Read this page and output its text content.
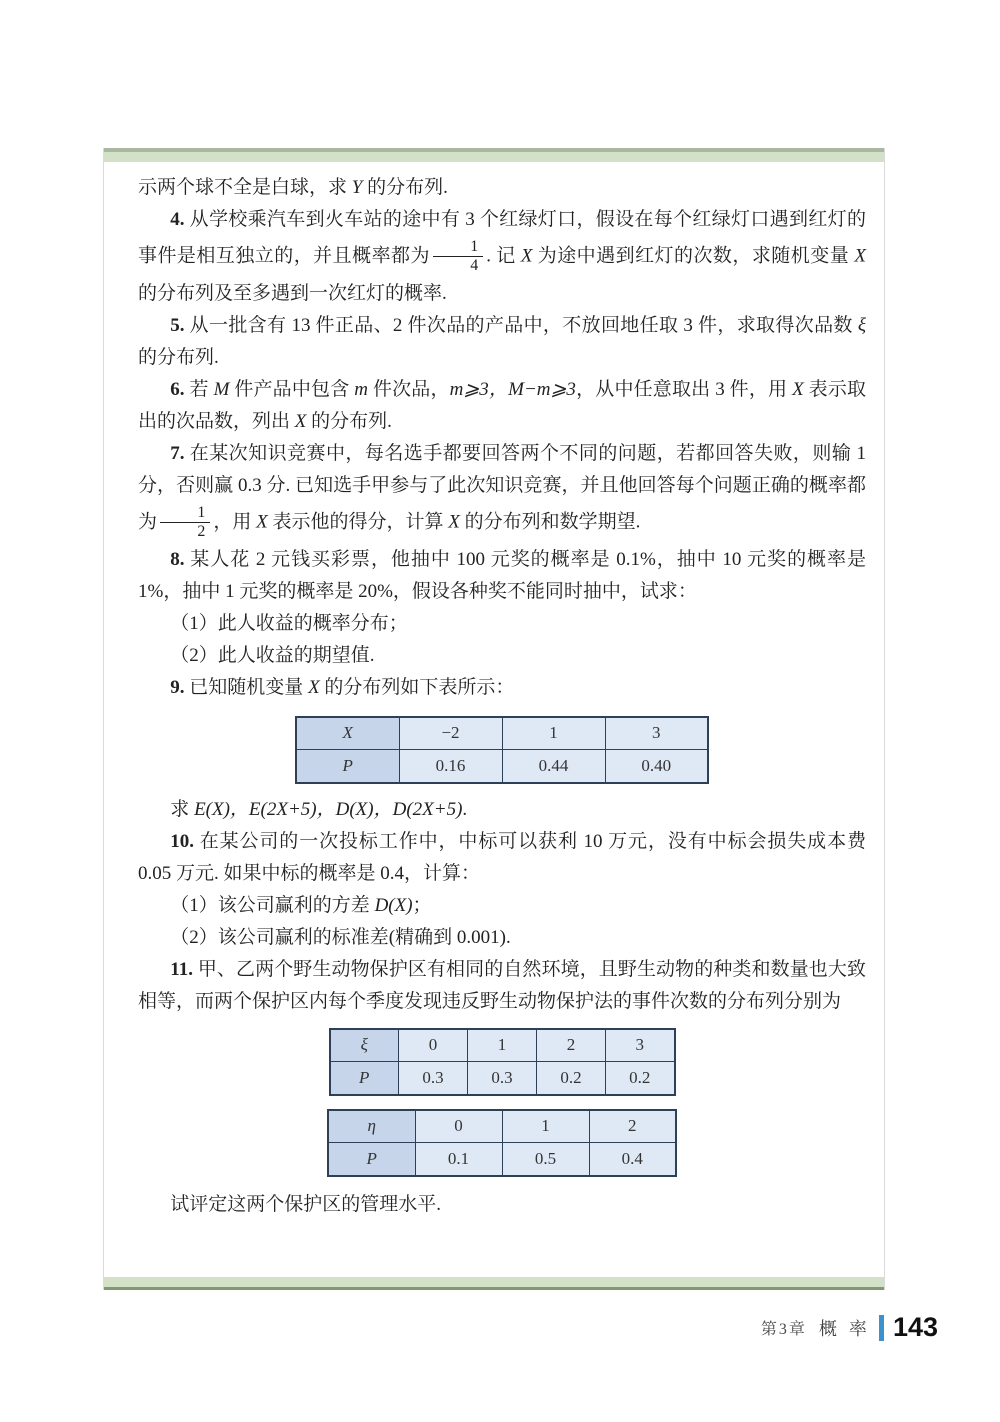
示两个球不全是白球，求 Y 的分布列.

4. 从学校乘汽车到火车站的途中有 3 个红绿灯口，假设在每个红绿灯口遇到红灯的事件是相互独立的，并且概率都为 $\frac{1}{4}$ . 记 X 为途中遇到红灯的次数，求随机变量 X 的分布列及至多遇到一次红灯的概率.

5. 从一批含有 13 件正品、2 件次品的产品中，不放回地任取 3 件，求取得次品数 ξ 的分布列.

6. 若 M 件产品中包含 m 件次品，m⩾3，M−m⩾3，从中任意取出 3 件，用 X 表示取出的次品数，列出 X 的分布列.

7. 在某次知识竞赛中，每名选手都要回答两个不同的问题，若都回答失败，则输 1 分，否则赢 0.3 分. 已知选手甲参与了此次知识竞赛，并且他回答每个问题正确的概率都为 $\frac{1}{2}$ ，用 X 表示他的得分，计算 X 的分布列和数学期望.

8. 某人花 2 元钱买彩票，他抽中 100 元奖的概率是 0.1%，抽中 10 元奖的概率是 1%，抽中 1 元奖的概率是 20%，假设各种奖不能同时抽中，试求：

（1）此人收益的概率分布；

（2）此人收益的期望值.

9. 已知随机变量 X 的分布列如下表所示：

X	−2	1	3
P	0.16	0.44	0.40

求 E(X)，E(2X+5)，D(X)，D(2X+5).

10. 在某公司的一次投标工作中，中标可以获利 10 万元，没有中标会损失成本费 0.05 万元. 如果中标的概率是 0.4，计算：

（1）该公司赢利的方差 D(X)；

（2）该公司赢利的标准差(精确到 0.001).

11. 甲、乙两个野生动物保护区有相同的自然环境，且野生动物的种类和数量也大致相等，而两个保护区内每个季度发现违反野生动物保护法的事件次数的分布列分别为

ξ	0	1	2	3
P	0.3	0.3	0.2	0.2
η	0	1	2
P	0.1	0.5	0.4

试评定这两个保护区的管理水平.

第3章 概率 143
